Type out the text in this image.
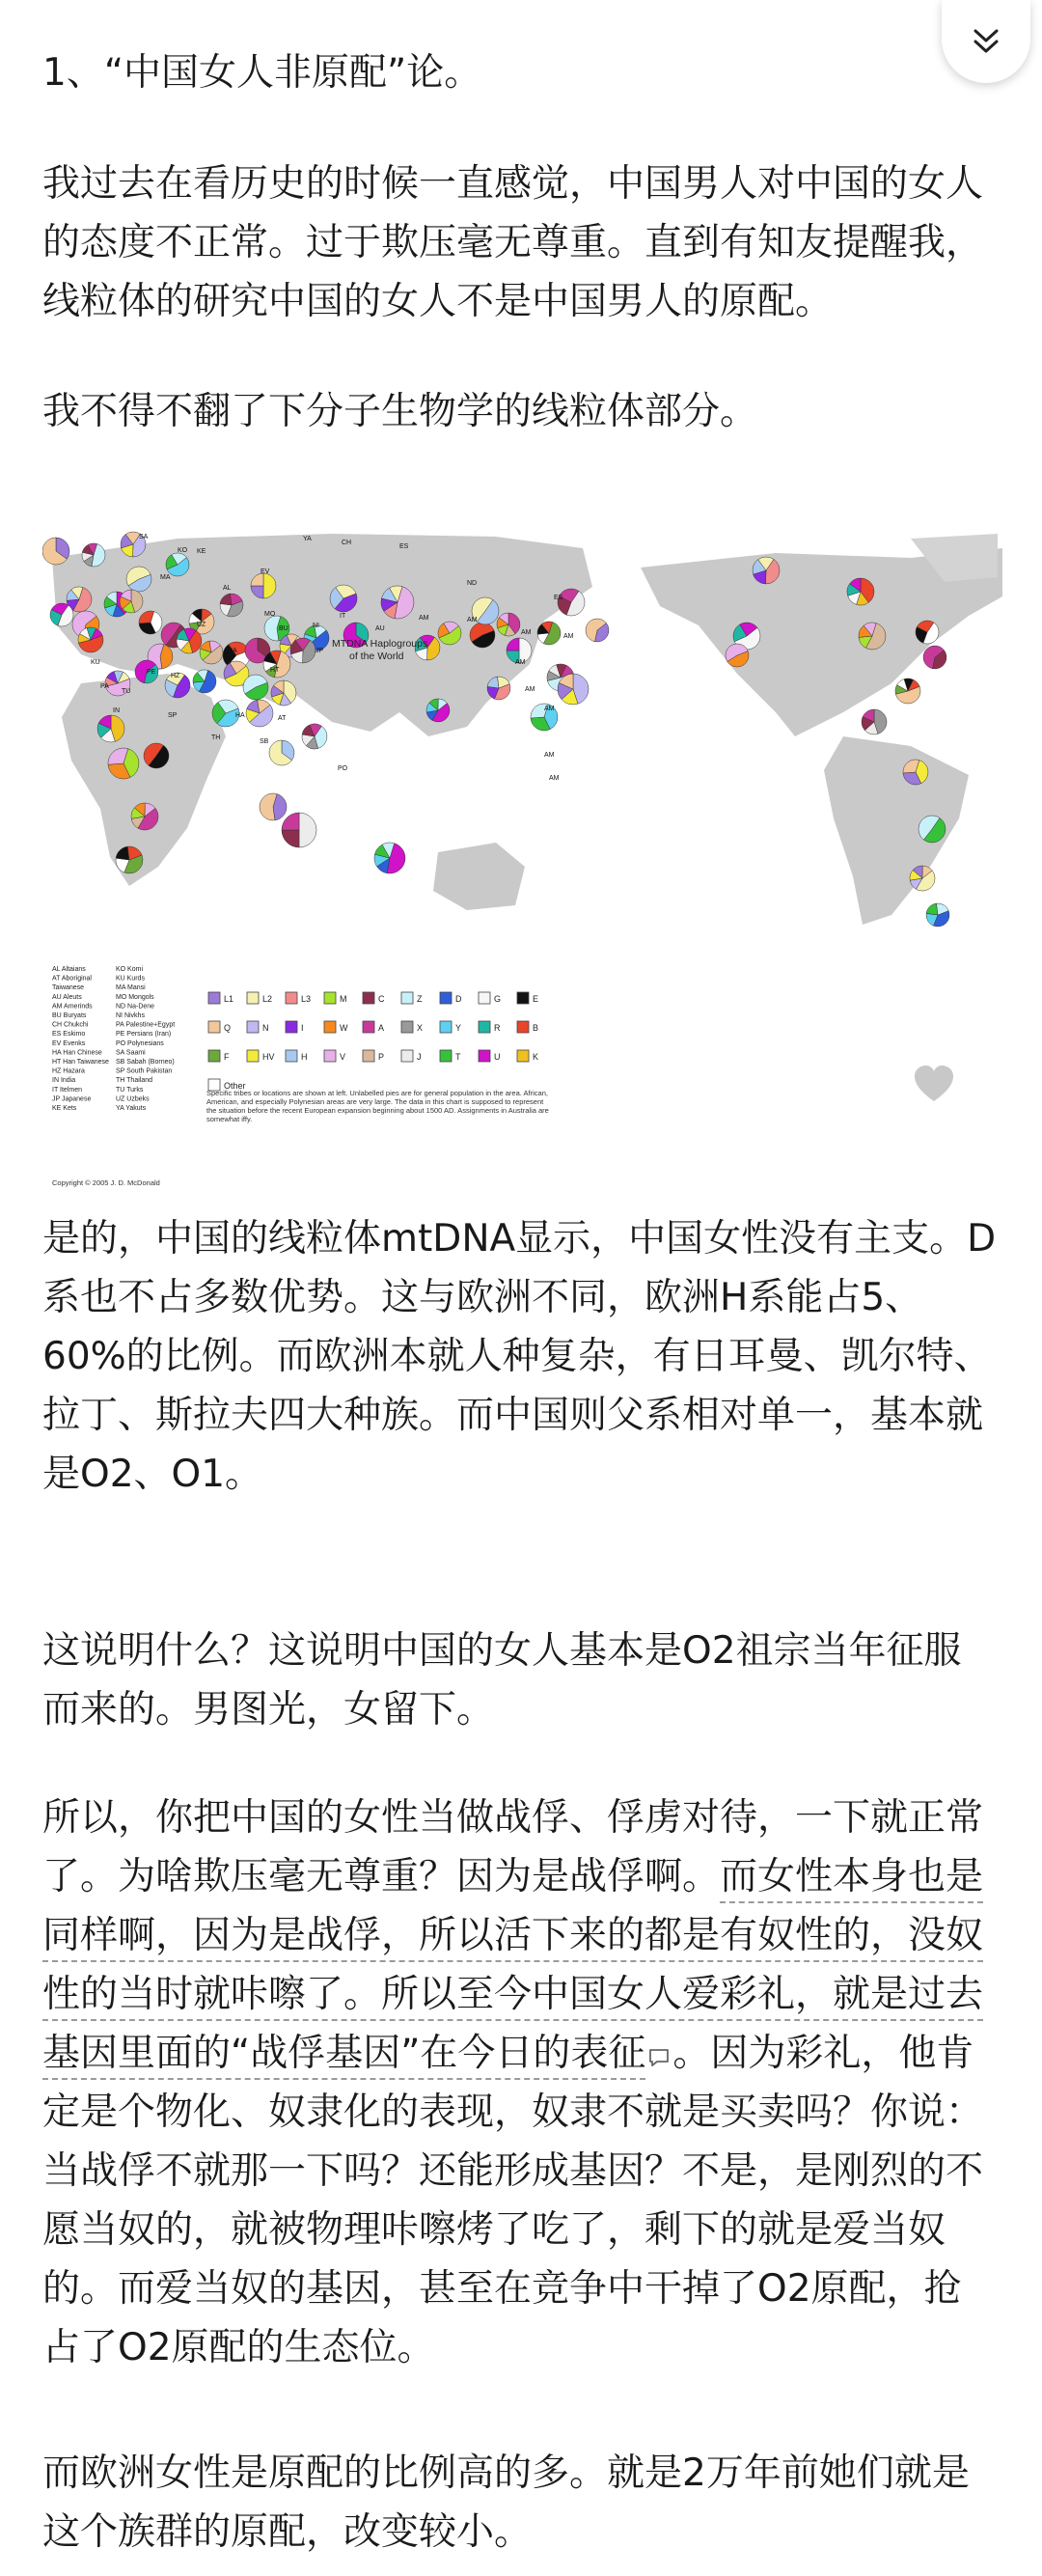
1、“中国女人非原配”论。

我过去在看历史的时候一直感觉，中国男人对中国的女人的态度不正常。过于欺压毫无尊重。直到有知友提醒我，线粒体的研究中国的女人不是中国男人的原配。

我不得不翻了下分子生物学的线粒体部分。

SA	YA
KO KE
MA
AL
EV
CH
ES
ND
ES
AM	AM
AM
AM
AM
UZ
MO
BU	NI
IT
AU
KU
TU
PE
HZ
IN
SP
HA
HT
JP
TH
HA	AT
SB
PA
PO
AM
AM
AM
AM
MTDNA Haplogroups
of the World
AL Altaians
AT Aboriginal
Taiwanese
AU Aleuts
AM Amerinds
BU Buryats
CH Chukchi
ES Eskimo
EV Evenks
HA Han Chinese
HT Han Taiwanese
HZ Hazara
IN India
IT Itelmen
JP Japanese
KE Kets
KO Komi
KU Kurds
MA Mansi
MO Mongols
ND Na-Dene
NI Nivkhs
PA Palestine+Egypt
PE Persians (Iran)
PO Polynesians
SA Saami
SB Sabah (Borneo)
SP South Pakistan
TH Thailand
TU Turks
UZ Uzbeks
YA Yakuts
L1	L2	L3	M	C	Z	D	G	E
Q	N	I	W	A	X	Y	R	B
F	HV	H	V	P	J	T	U	K
Other
Copyright © 2005 J. D. McDonald
Specific tribes or locations are shown at left. Unlabelled pies are for general population in the area. African, American, and especially Polynesian areas are very large. The data in this chart is supposed to represent the situation before the recent European expansion beginning about 1500 AD. Assignments in Australia are somewhat iffy.

是的，中国的线粒体mtDNA显示，中国女性没有主支。D系也不占多数优势。这与欧洲不同，欧洲H系能占5、60%的比例。而欧洲本就人种复杂，有日耳曼、凯尔特、拉丁、斯拉夫四大种族。而中国则父系相对单一，基本就是O2、O1。

这说明什么？这说明中国的女人基本是O2祖宗当年征服而来的。男图光，女留下。

所以，你把中国的女性当做战俘、俘虏对待，一下就正常了。为啥欺压毫无尊重？因为是战俘啊。而女性本身也是同样啊，因为是战俘，所以活下来的都是有奴性的，没奴性的当时就咔嚓了。所以至今中国女人爱彩礼，就是过去基因里面的“战俘基因”在今日的表征 。因为彩礼，他肯定是个物化、奴隶化的表现，奴隶不就是买卖吗？你说：当战俘不就那一下吗？还能形成基因？不是，是刚烈的不愿当奴的，就被物理咔嚓烤了吃了，剩下的就是爱当奴的。而爱当奴的基因，甚至在竞争中干掉了O2原配，抢占了O2原配的生态位。

而欧洲女性是原配的比例高的多。就是2万年前她们就是这个族群的原配，改变较小。
